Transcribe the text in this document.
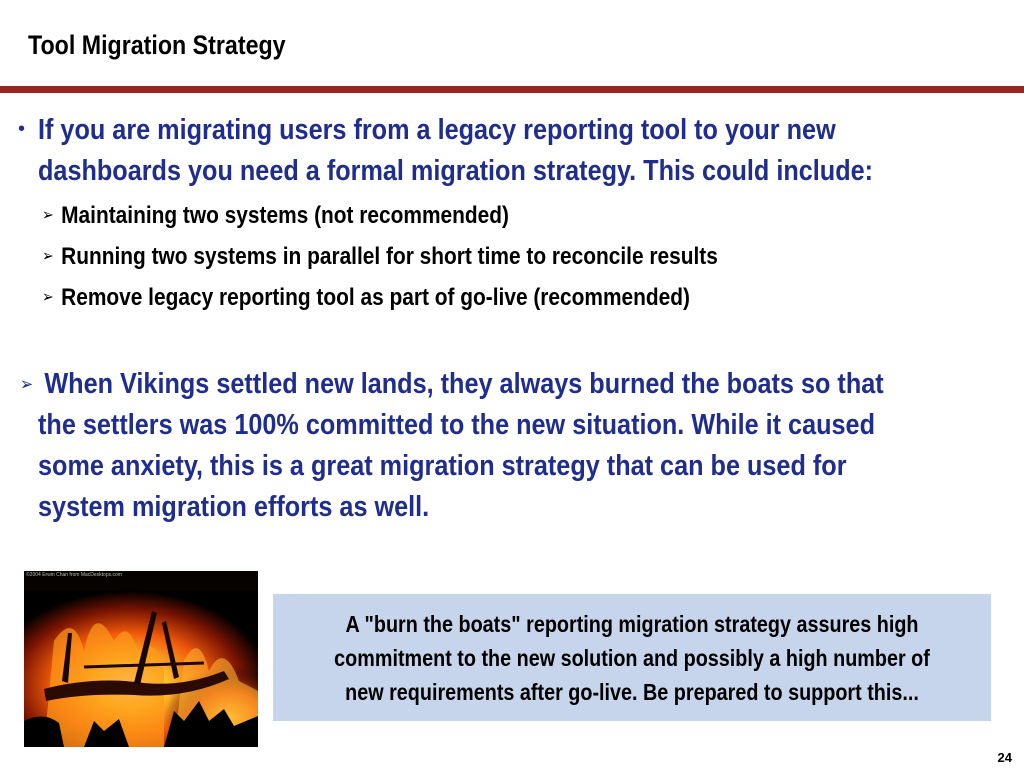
Tool Migration Strategy
• If you are migrating users from a legacy reporting tool to your new
dashboards you need a formal migration strategy. This could include:
➢ Maintaining two systems (not recommended)
➢ Running two systems in parallel for short time to reconcile results
➢ Remove legacy reporting tool as part of go-live (recommended)
➢ When Vikings settled new lands, they always burned the boats so that
the settlers was 100% committed to the new situation. While it caused
some anxiety, this is a great migration strategy that can be used for
system migration efforts as well.
©2004 Erwin Chan from MacDesktops.com
A "burn the boats" reporting migration strategy assures high
commitment to the new solution and possibly a high number of
new requirements after go-live. Be prepared to support this...
24
